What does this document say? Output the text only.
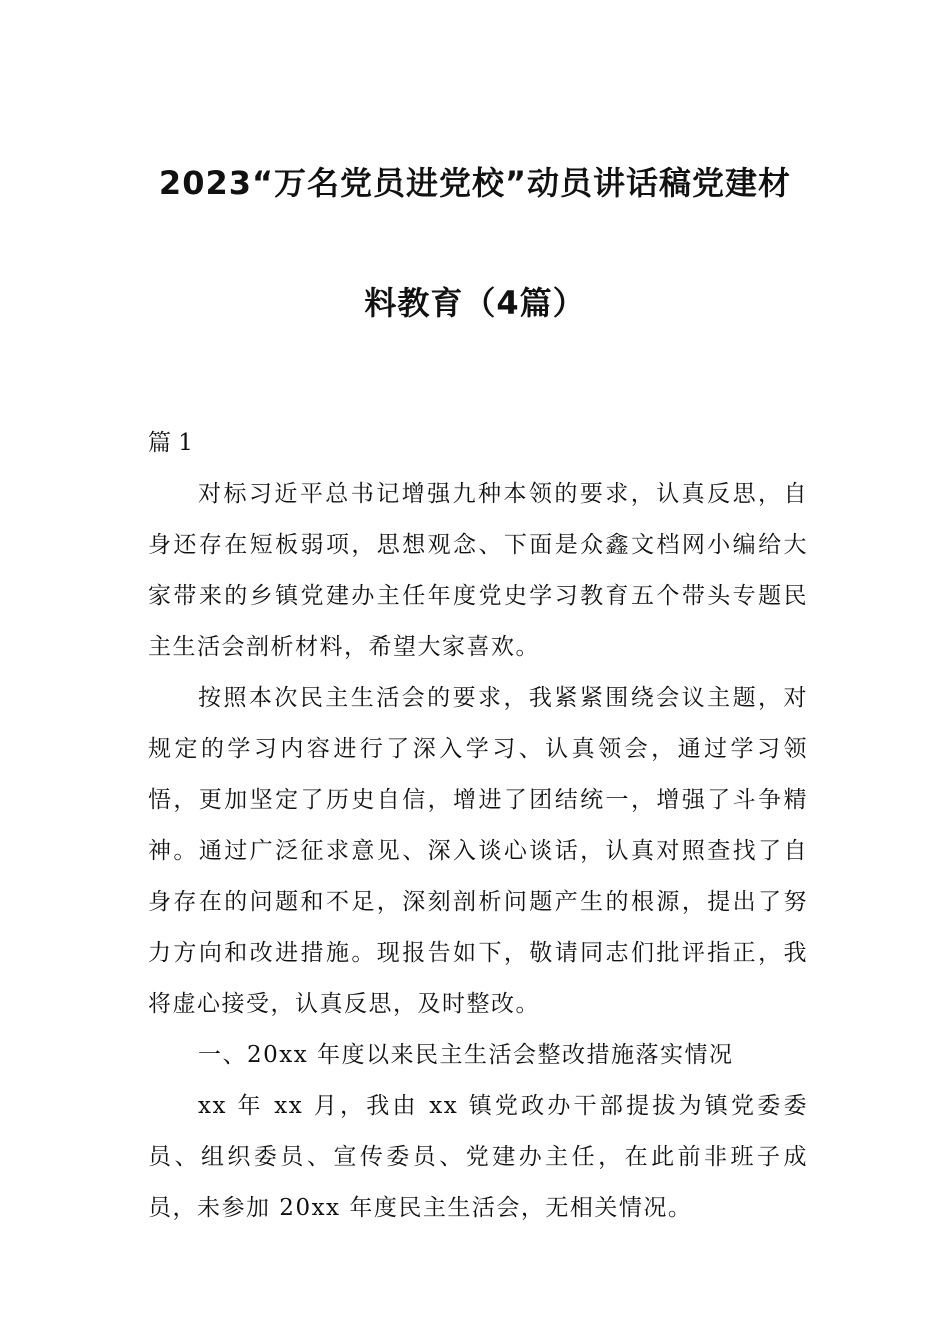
2023“万名党员进党校”动员讲话稿党建材
料教育（4篇）

篇 1

对标习近平总书记增强九种本领的要求，认真反思，自身还存在短板弱项，思想观念、下面是众鑫文档网小编给大家带来的乡镇党建办主任年度党史学习教育五个带头专题民主生活会剖析材料，希望大家喜欢。

按照本次民主生活会的要求，我紧紧围绕会议主题，对规定的学习内容进行了深入学习、认真领会，通过学习领悟，更加坚定了历史自信，增进了团结统一，增强了斗争精神。通过广泛征求意见、深入谈心谈话，认真对照查找了自身存在的问题和不足，深刻剖析问题产生的根源，提出了努力方向和改进措施。现报告如下，敬请同志们批评指正，我将虚心接受，认真反思，及时整改。

一、20xx 年度以来民主生活会整改措施落实情况

xx 年 xx 月，我由 xx 镇党政办干部提拔为镇党委委员、组织委员、宣传委员、党建办主任，在此前非班子成员，未参加 20xx 年度民主生活会，无相关情况。
